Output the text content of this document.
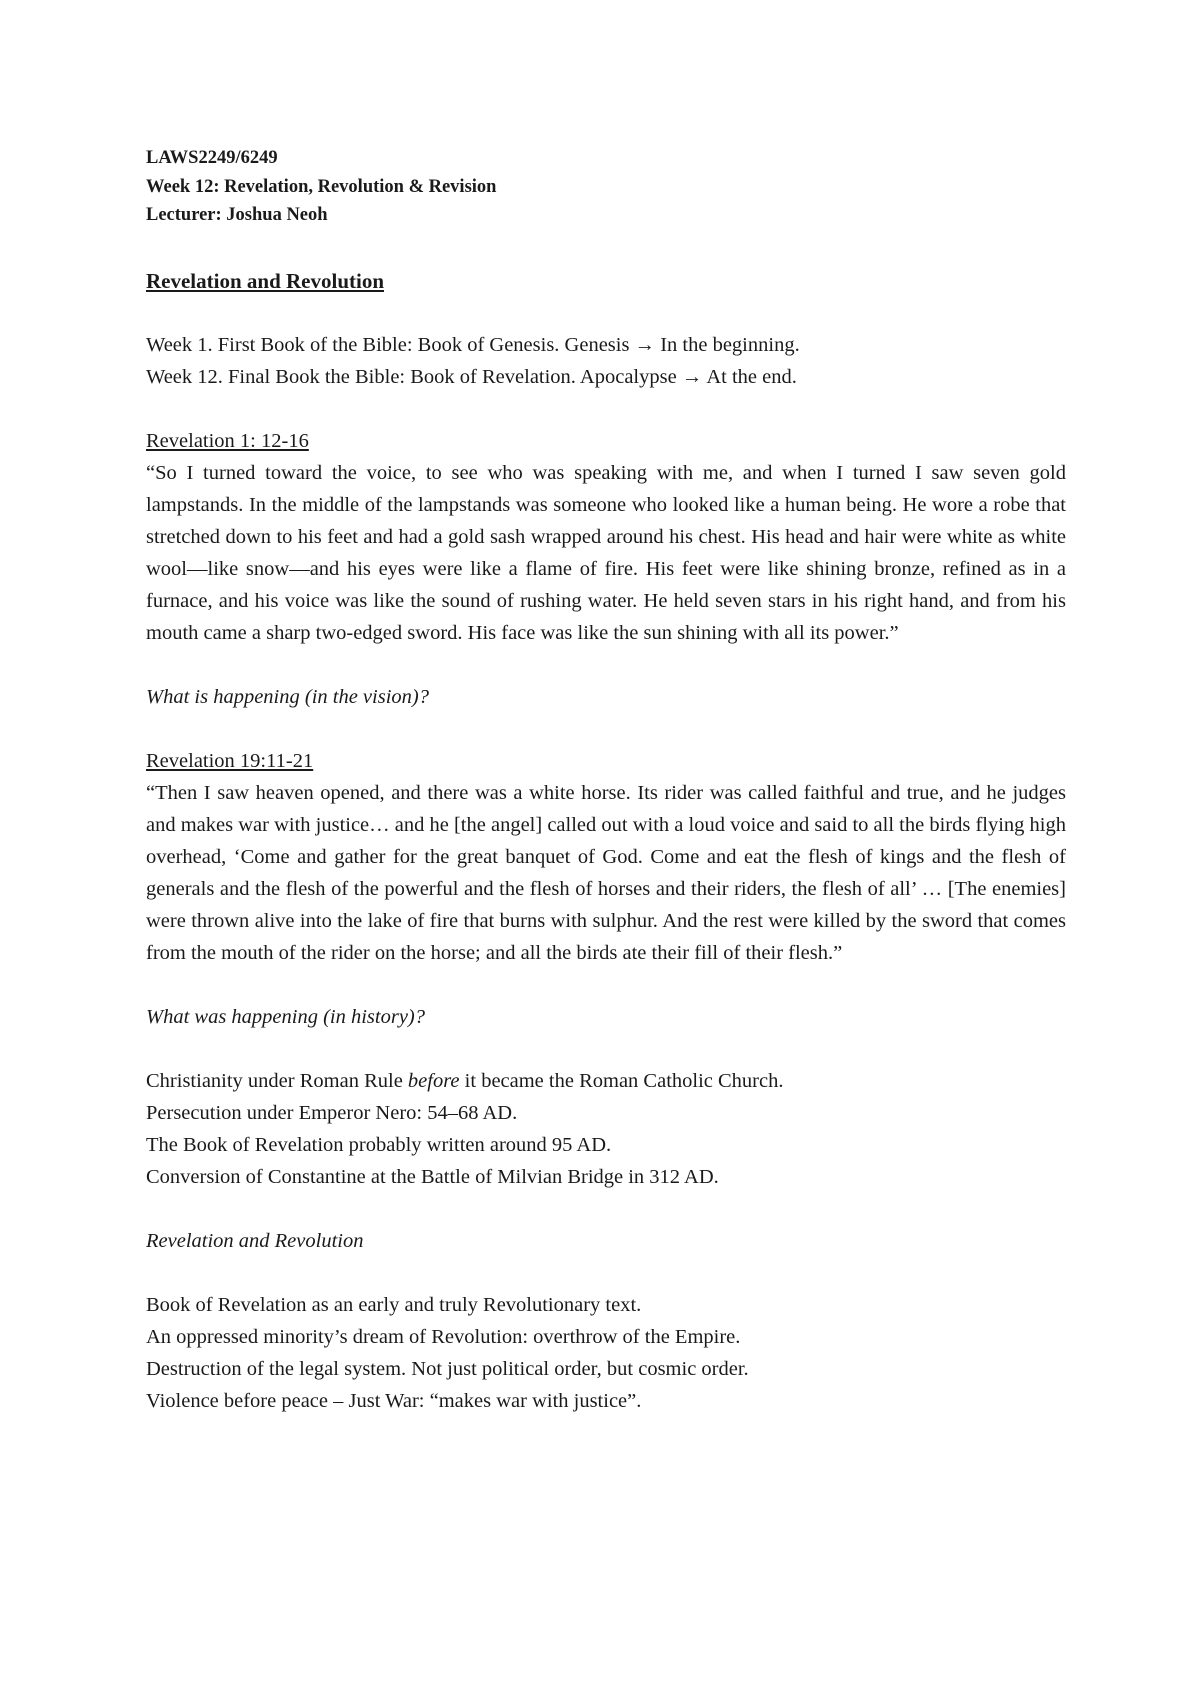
LAWS2249/6249

Week 12: Revelation, Revolution & Revision

Lecturer: Joshua Neoh

Revelation and Revolution

Week 1. First Book of the Bible: Book of Genesis. Genesis → In the beginning.

Week 12. Final Book the Bible: Book of Revelation. Apocalypse → At the end.

Revelation 1: 12-16

“So I turned toward the voice, to see who was speaking with me, and when I turned I saw seven gold lampstands. In the middle of the lampstands was someone who looked like a human being. He wore a robe that stretched down to his feet and had a gold sash wrapped around his chest. His head and hair were white as white wool—like snow—and his eyes were like a flame of fire. His feet were like shining bronze, refined as in a furnace, and his voice was like the sound of rushing water. He held seven stars in his right hand, and from his mouth came a sharp two-edged sword. His face was like the sun shining with all its power.”

What is happening (in the vision)?

Revelation 19:11-21

“Then I saw heaven opened, and there was a white horse. Its rider was called faithful and true, and he judges and makes war with justice… and he [the angel] called out with a loud voice and said to all the birds flying high overhead, ‘Come and gather for the great banquet of God. Come and eat the flesh of kings and the flesh of generals and the flesh of the powerful and the flesh of horses and their riders, the flesh of all’ … [The enemies] were thrown alive into the lake of fire that burns with sulphur. And the rest were killed by the sword that comes from the mouth of the rider on the horse; and all the birds ate their fill of their flesh.”

What was happening (in history)?

Christianity under Roman Rule before it became the Roman Catholic Church.

Persecution under Emperor Nero: 54–68 AD.

The Book of Revelation probably written around 95 AD.

Conversion of Constantine at the Battle of Milvian Bridge in 312 AD.

Revelation and Revolution

Book of Revelation as an early and truly Revolutionary text.

An oppressed minority’s dream of Revolution: overthrow of the Empire.

Destruction of the legal system. Not just political order, but cosmic order.

Violence before peace – Just War: “makes war with justice”.
